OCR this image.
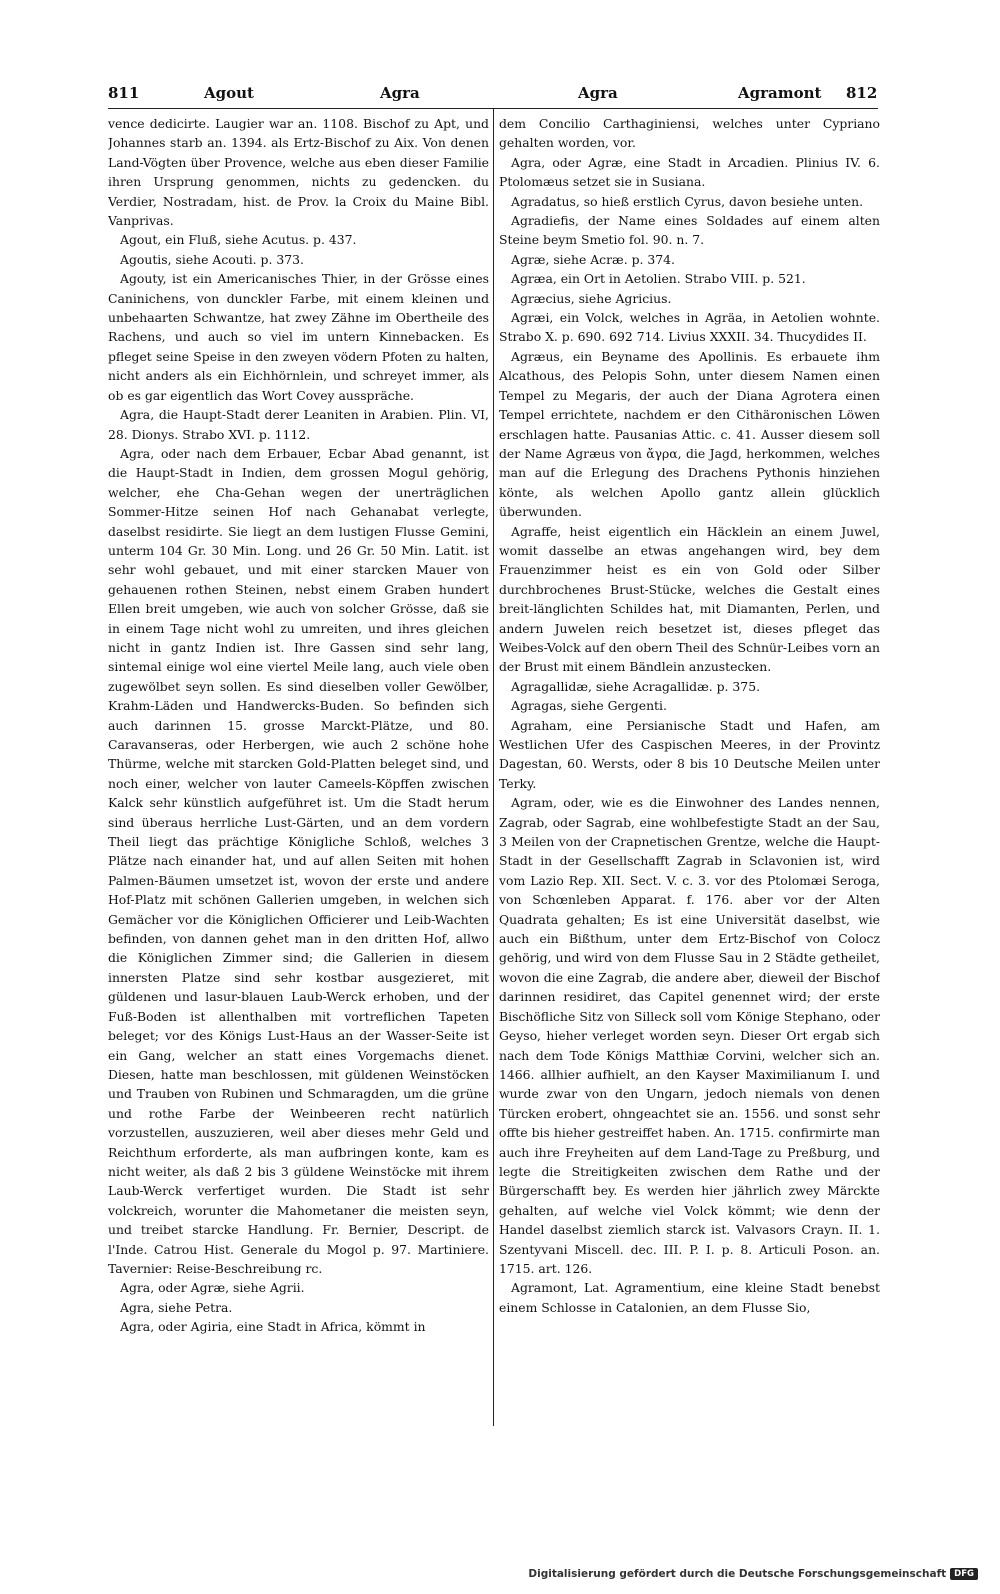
811	Agout	Agra	Agra	Agramont 812

vence dedicirte. Laugier war an. 1108. Bischof zu Apt, und Johannes starb an. 1394. als Ertz-Bischof zu Aix. Von denen Land-Vögten über Provence, welche aus eben dieser Familie ihren Ursprung genommen, nichts zu gedencken. du Verdier, Nostradam, hist. de Prov. la Croix du Maine Bibl. Vanprivas.

Agout, ein Fluß, siehe Acutus. p. 437.

Agoutis, siehe Acouti. p. 373.

Agouty, ist ein Americanisches Thier, in der Grösse eines Caninichens, von dunckler Farbe, mit einem kleinen und unbehaarten Schwantze, hat zwey Zähne im Obertheile des Rachens, und auch so viel im untern Kinnebacken. Es pfleget seine Speise in den zweyen vödern Pfoten zu halten, nicht anders als ein Eichhörnlein, und schreyet immer, als ob es gar eigentlich das Wort Covey ausspräche.

Agra, die Haupt-Stadt derer Leaniten in Arabien. Plin. VI, 28. Dionys. Strabo XVI. p. 1112.

Agra, oder nach dem Erbauer, Ecbar Abad genannt, ist die Haupt-Stadt in Indien, dem grossen Mogul gehörig, welcher, ehe Cha-Gehan wegen der unerträglichen Sommer-Hitze seinen Hof nach Gehanabat verlegte, daselbst residirte. Sie liegt an dem lustigen Flusse Gemini, unterm 104 Gr. 30 Min. Long. und 26 Gr. 50 Min. Latit. ist sehr wohl gebauet, und mit einer starcken Mauer von gehauenen rothen Steinen, nebst einem Graben hundert Ellen breit umgeben, wie auch von solcher Grösse, daß sie in einem Tage nicht wohl zu umreiten, und ihres gleichen nicht in gantz Indien ist. Ihre Gassen sind sehr lang, sintemal einige wol eine viertel Meile lang, auch viele oben zugewölbet seyn sollen. Es sind dieselben voller Gewölber, Krahm-Läden und Handwercks-Buden. So befinden sich auch darinnen 15. grosse Marckt-Plätze, und 80. Caravanseras, oder Herbergen, wie auch 2 schöne hohe Thürme, welche mit starcken Gold-Platten beleget sind, und noch einer, welcher von lauter Cameels-Köpffen zwischen Kalck sehr künstlich aufgeführet ist. Um die Stadt herum sind überaus herrliche Lust-Gärten, und an dem vordern Theil liegt das prächtige Königliche Schloß, welches 3 Plätze nach einander hat, und auf allen Seiten mit hohen Palmen-Bäumen umsetzet ist, wovon der erste und andere Hof-Platz mit schönen Gallerien umgeben, in welchen sich Gemächer vor die Königlichen Officierer und Leib-Wachten befinden, von dannen gehet man in den dritten Hof, allwo die Königlichen Zimmer sind; die Gallerien in diesem innersten Platze sind sehr kostbar ausgezieret, mit güldenen und lasur-blauen Laub-Werck erhoben, und der Fuß-Boden ist allenthalben mit vortreflichen Tapeten beleget; vor des Königs Lust-Haus an der Wasser-Seite ist ein Gang, welcher an statt eines Vorgemachs dienet. Diesen, hatte man beschlossen, mit güldenen Weinstöcken und Trauben von Rubinen und Schmaragden, um die grüne und rothe Farbe der Weinbeeren recht natürlich vorzustellen, auszuzieren, weil aber dieses mehr Geld und Reichthum erforderte, als man aufbringen konte, kam es nicht weiter, als daß 2 bis 3 güldene Weinstöcke mit ihrem Laub-Werck verfertiget wurden. Die Stadt ist sehr volckreich, worunter die Mahometaner die meisten seyn, und treibet starcke Handlung. Fr. Bernier, Descript. de l'Inde. Catrou Hist. Generale du Mogol p. 97. Martiniere. Tavernier: Reise-Beschreibung rc.

Agra, oder Agræ, siehe Agrii.

Agra, siehe Petra.

Agra, oder Agiria, eine Stadt in Africa, kömmt in

dem Concilio Carthaginiensi, welches unter Cypriano gehalten worden, vor.

Agra, oder Agræ, eine Stadt in Arcadien. Plinius IV. 6. Ptolomæus setzet sie in Susiana.

Agradatus, so hieß erstlich Cyrus, davon besiehe unten.

Agradiefis, der Name eines Soldades auf einem alten Steine beym Smetio fol. 90. n. 7.

Agræ, siehe Acræ. p. 374.

Agræa, ein Ort in Aetolien. Strabo VIII. p. 521.

Agræcius, siehe Agricius.

Agræi, ein Volck, welches in Agräa, in Aetolien wohnte. Strabo X. p. 690. 692 714. Livius XXXII. 34. Thucydides II.

Agræus, ein Beyname des Apollinis. Es erbauete ihm Alcathous, des Pelopis Sohn, unter diesem Namen einen Tempel zu Megaris, der auch der Diana Agrotera einen Tempel errichtete, nachdem er den Cithäronischen Löwen erschlagen hatte. Pausanias Attic. c. 41. Ausser diesem soll der Name Agræus von ἄγρα, die Jagd, herkommen, welches man auf die Erlegung des Drachens Pythonis hinziehen könte, als welchen Apollo gantz allein glücklich überwunden.

Agraffe, heist eigentlich ein Häcklein an einem Juwel, womit dasselbe an etwas angehangen wird, bey dem Frauenzimmer heist es ein von Gold oder Silber durchbrochenes Brust-Stücke, welches die Gestalt eines breit-länglichten Schildes hat, mit Diamanten, Perlen, und andern Juwelen reich besetzet ist, dieses pfleget das Weibes-Volck auf den obern Theil des Schnür-Leibes vorn an der Brust mit einem Bändlein anzustecken.

Agragallidæ, siehe Acragallidæ. p. 375.

Agragas, siehe Gergenti.

Agraham, eine Persianische Stadt und Hafen, am Westlichen Ufer des Caspischen Meeres, in der Provintz Dagestan, 60. Wersts, oder 8 bis 10 Deutsche Meilen unter Terky.

Agram, oder, wie es die Einwohner des Landes nennen, Zagrab, oder Sagrab, eine wohlbefestigte Stadt an der Sau, 3 Meilen von der Crapnetischen Grentze, welche die Haupt-Stadt in der Gesellschafft Zagrab in Sclavonien ist, wird vom Lazio Rep. XII. Sect. V. c. 3. vor des Ptolomæi Seroga, von Schœnleben Apparat. f. 176. aber vor der Alten Quadrata gehalten; Es ist eine Universität daselbst, wie auch ein Bißthum, unter dem Ertz-Bischof von Colocz gehörig, und wird von dem Flusse Sau in 2 Städte getheilet, wovon die eine Zagrab, die andere aber, dieweil der Bischof darinnen residiret, das Capitel genennet wird; der erste Bischöfliche Sitz von Silleck soll vom Könige Stephano, oder Geyso, hieher verleget worden seyn. Dieser Ort ergab sich nach dem Tode Königs Matthiæ Corvini, welcher sich an. 1466. allhier aufhielt, an den Kayser Maximilianum I. und wurde zwar von den Ungarn, jedoch niemals von denen Türcken erobert, ohngeachtet sie an. 1556. und sonst sehr offte bis hieher gestreiffet haben. An. 1715. confirmirte man auch ihre Freyheiten auf dem Land-Tage zu Preßburg, und legte die Streitigkeiten zwischen dem Rathe und der Bürgerschafft bey. Es werden hier jährlich zwey Märckte gehalten, auf welche viel Volck kömmt; wie denn der Handel daselbst ziemlich starck ist. Valvasors Crayn. II. 1. Szentyvani Miscell. dec. III. P. I. p. 8. Articuli Poson. an. 1715. art. 126.

Agramont, Lat. Agramentium, eine kleine Stadt benebst einem Schlosse in Catalonien, an dem Flusse Sio,

Digitalisierung gefördert durch die Deutsche Forschungsgemeinschaft DFG
